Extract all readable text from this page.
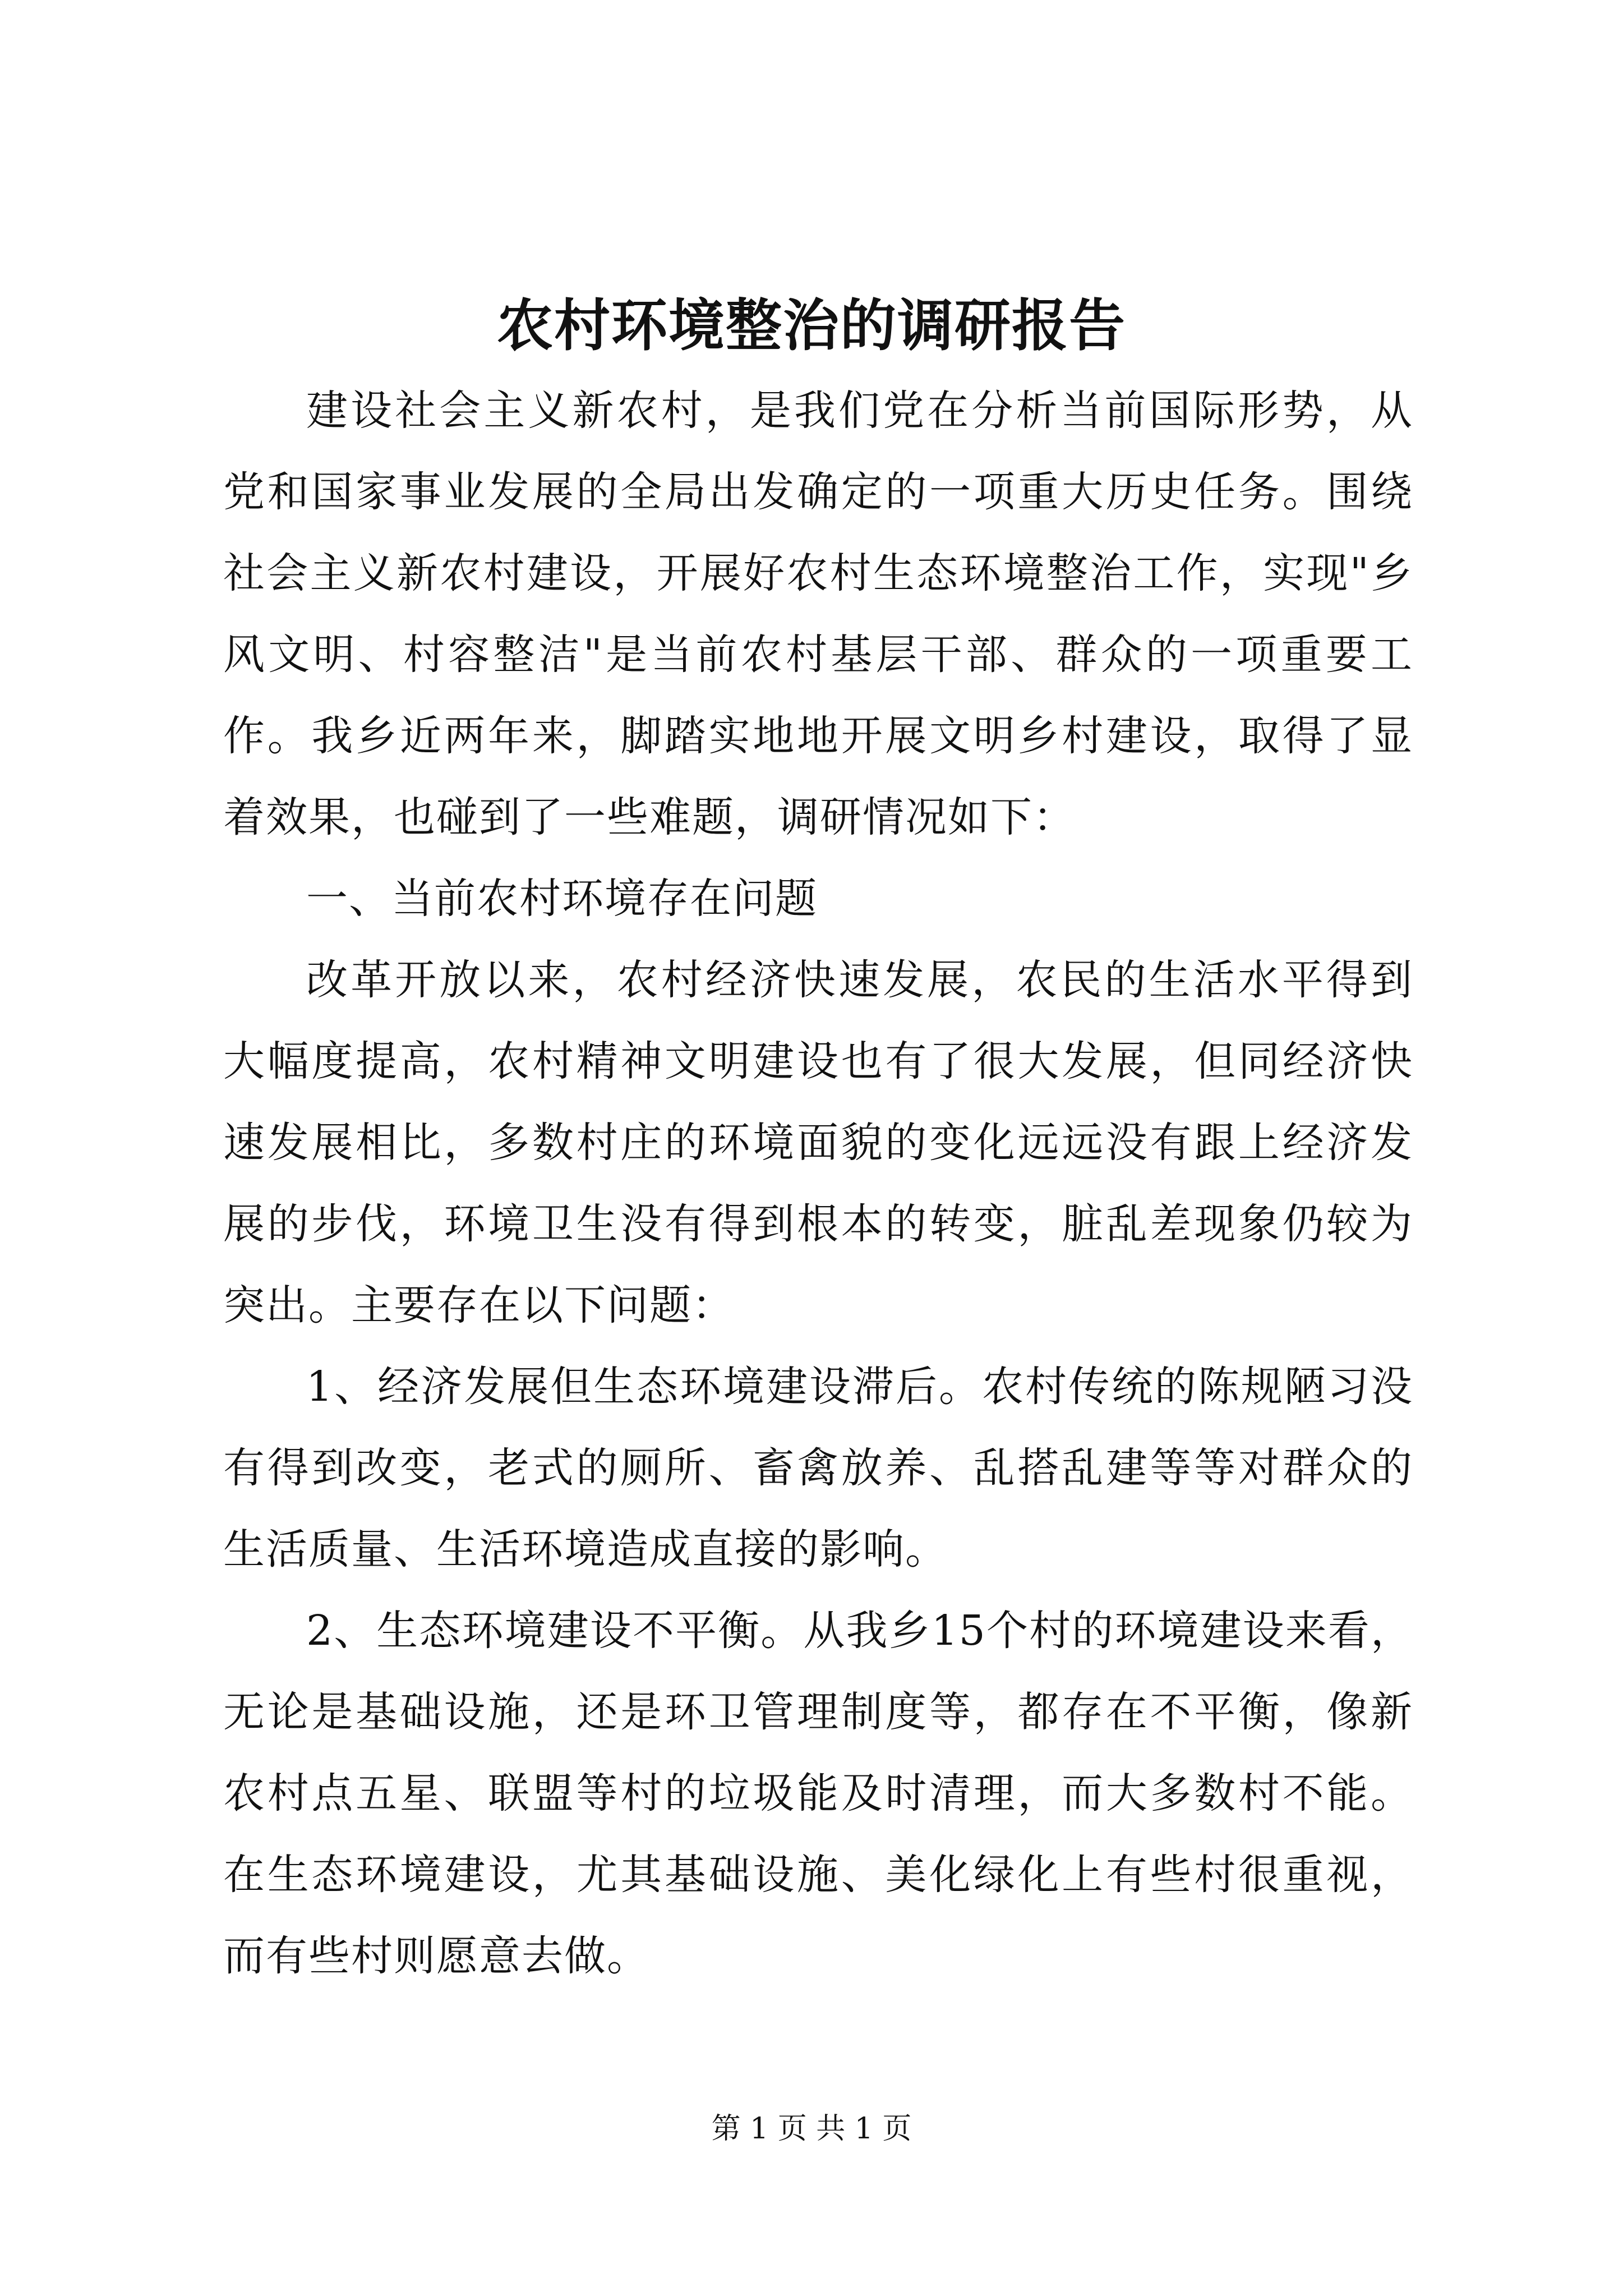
农村环境整治的调研报告

建设社会主义新农村，是我们党在分析当前国际形势，从党和国家事业发展的全局出发确定的一项重大历史任务。围绕社会主义新农村建设，开展好农村生态环境整治工作，实现"乡风文明、村容整洁"是当前农村基层干部、群众的一项重要工作。我乡近两年来，脚踏实地地开展文明乡村建设，取得了显着效果，也碰到了一些难题，调研情况如下：

一、当前农村环境存在问题

改革开放以来，农村经济快速发展，农民的生活水平得到大幅度提高，农村精神文明建设也有了很大发展，但同经济快速发展相比，多数村庄的环境面貌的变化远远没有跟上经济发展的步伐，环境卫生没有得到根本的转变，脏乱差现象仍较为突出。主要存在以下问题：

1、经济发展但生态环境建设滞后。农村传统的陈规陋习没有得到改变，老式的厕所、畜禽放养、乱搭乱建等等对群众的生活质量、生活环境造成直接的影响。

2、生态环境建设不平衡。从我乡15个村的环境建设来看，无论是基础设施，还是环卫管理制度等，都存在不平衡，像新农村点五星、联盟等村的垃圾能及时清理，而大多数村不能。在生态环境建设，尤其基础设施、美化绿化上有些村很重视，而有些村则愿意去做。

第 1 页 共 1 页
